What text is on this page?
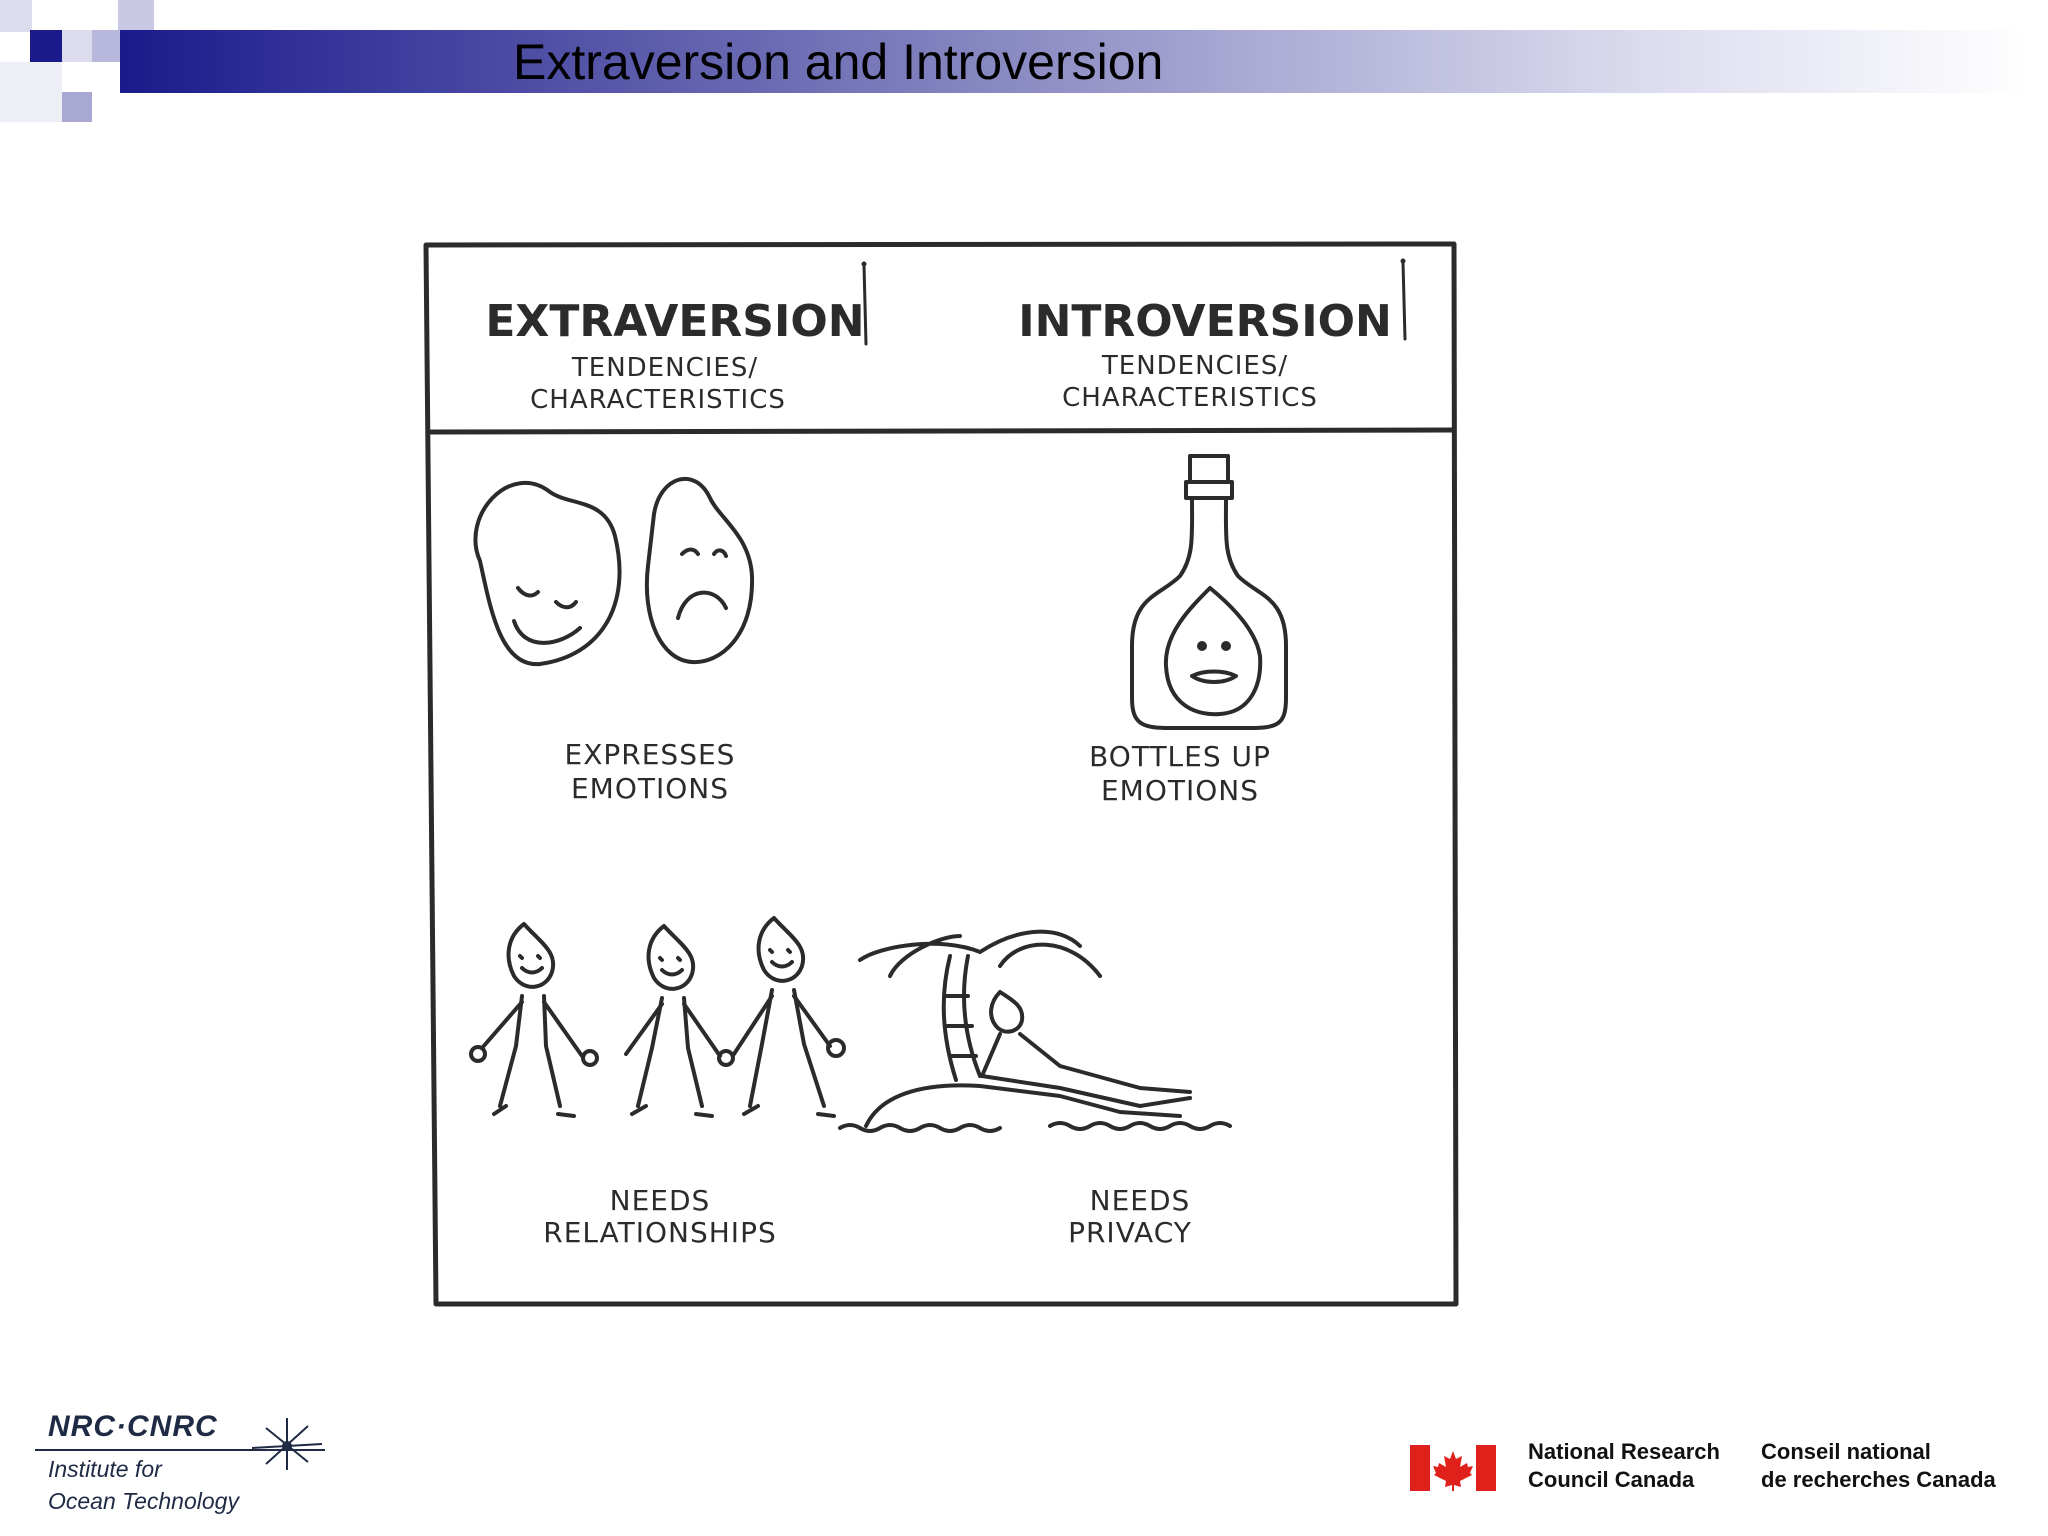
Extraversion and Introversion
EXTRAVERSION
TENDENCIES/
CHARACTERISTICS
INTROVERSION
TENDENCIES/
CHARACTERISTICS
EXPRESSES
EMOTIONS
BOTTLES UP
EMOTIONS
NEEDS
RELATIONSHIPS
NEEDS
PRIVACY
NRC·CNRC
Institute for
Ocean Technology
National Research
Council Canada
Conseil national
de recherches Canada
